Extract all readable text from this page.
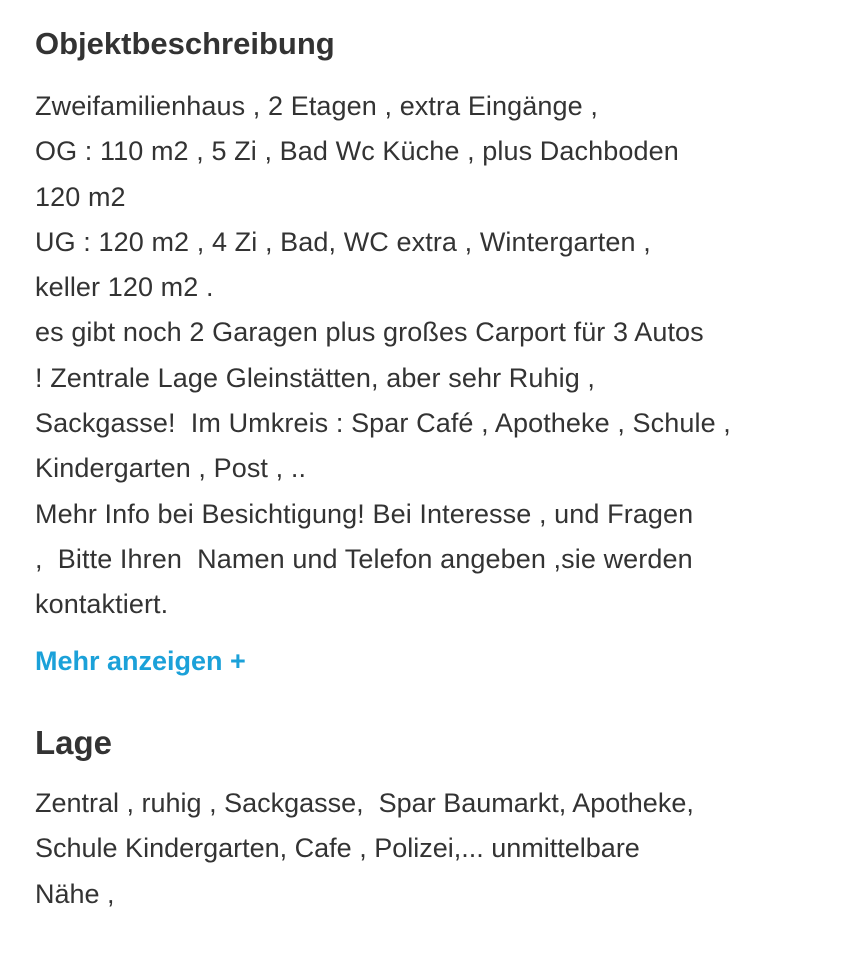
Objektbeschreibung
Zweifamilienhaus , 2 Etagen , extra Eingänge ,
OG : 110 m2 , 5 Zi , Bad Wc Küche , plus Dachboden
120 m2
UG : 120 m2 , 4 Zi , Bad, WC extra , Wintergarten ,
keller 120 m2 .
es gibt noch 2 Garagen plus großes Carport für 3 Autos
! Zentrale Lage Gleinstätten, aber sehr Ruhig ,
Sackgasse!  Im Umkreis : Spar Café , Apotheke , Schule ,
Kindergarten , Post , ..
Mehr Info bei Besichtigung! Bei Interesse , und Fragen
,  Bitte Ihren  Namen und Telefon angeben ,sie werden
kontaktiert.
Mehr anzeigen +
Lage
Zentral , ruhig , Sackgasse,  Spar Baumarkt, Apotheke,
Schule Kindergarten, Cafe , Polizei,... unmittelbare
Nähe ,
